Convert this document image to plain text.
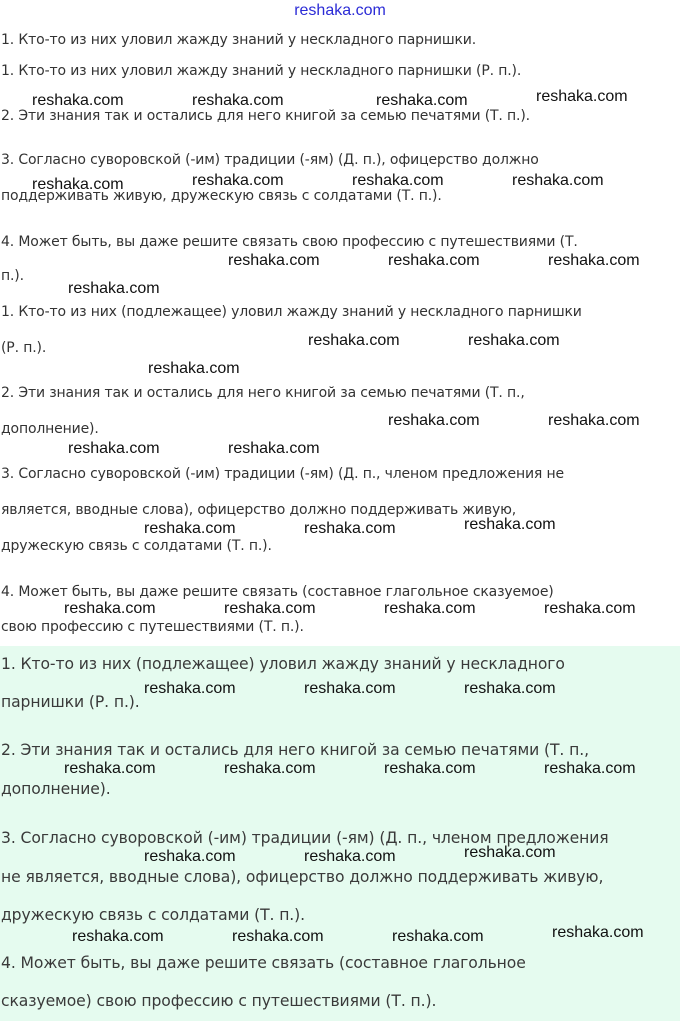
reshaka.com
1. Кто-то из них уловил жажду знаний у нескладного парнишки.
1. Кто-то из них уловил жажду знаний у нескладного парнишки (Р. п.).
2. Эти знания так и остались для него книгой за семью печатями (Т. п.).
3. Согласно суворовской (-им) традиции (-ям) (Д. п.), офицерство должно
поддерживать живую, дружескую связь с солдатами (Т. п.).
4. Может быть, вы даже решите связать свою профессию с путешествиями (Т.
п.).
1. Кто-то из них (подлежащее) уловил жажду знаний у нескладного парнишки
(Р. п.).
2. Эти знания так и остались для него книгой за семью печатями (Т. п.,
дополнение).
3. Согласно суворовской (-им) традиции (-ям) (Д. п., членом предложения не
является, вводные слова), офицерство должно поддерживать живую,
дружескую связь с солдатами (Т. п.).
4. Может быть, вы даже решите связать (составное глагольное сказуемое)
свою профессию с путешествиями (Т. п.).
1. Кто-то из них (подлежащее) уловил жажду знаний у нескладного
парнишки (Р. п.).
2. Эти знания так и остались для него книгой за семью печатями (Т. п.,
дополнение).
3. Согласно суворовской (-им) традиции (-ям) (Д. п., членом предложения
не является, вводные слова), офицерство должно поддерживать живую,
дружескую связь с солдатами (Т. п.).
4. Может быть, вы даже решите связать (составное глагольное
сказуемое) свою профессию с путешествиями (Т. п.).
reshaka.com	reshaka.com	reshaka.com	reshaka.com
reshaka.com	reshaka.com	reshaka.com	reshaka.com
reshaka.com	reshaka.com	reshaka.com
reshaka.com
reshaka.com	reshaka.com
reshaka.com
reshaka.com	reshaka.com
reshaka.com	reshaka.com
reshaka.com	reshaka.com	reshaka.com
reshaka.com	reshaka.com	reshaka.com	reshaka.com
reshaka.com	reshaka.com	reshaka.com
reshaka.com	reshaka.com	reshaka.com	reshaka.com
reshaka.com	reshaka.com	reshaka.com
reshaka.com	reshaka.com	reshaka.com	reshaka.com
